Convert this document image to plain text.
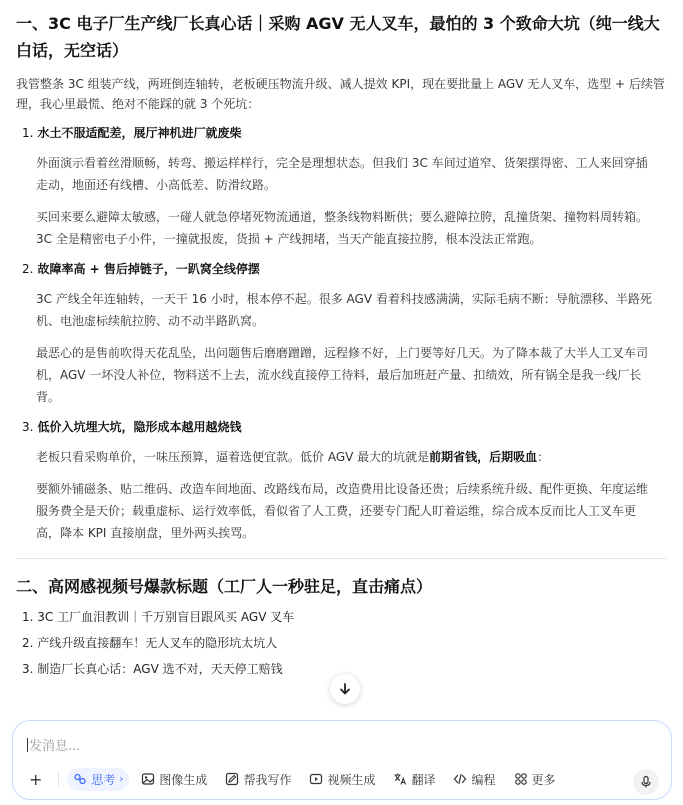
一、3C 电子厂生产线厂长真心话｜采购 AGV 无人叉车，最怕的 3 个致命大坑（纯一线大白话，无空话）

我管整条 3C 组装产线，两班倒连轴转，老板硬压物流升级、减人提效 KPI，现在要批量上 AGV 无人叉车，选型 + 后续管理，我心里最慌、绝对不能踩的就 3 个死坑：

1. 水土不服适配差，展厅神机进厂就废柴
外面演示看着丝滑顺畅，转弯、搬运样样行，完全是理想状态。但我们 3C 车间过道窄、货架摆得密、工人来回穿插走动，地面还有线槽、小高低差、防滑纹路。
买回来要么避障太敏感，一碰人就急停堵死物流通道，整条线物料断供；要么避障拉胯，乱撞货架、撞物料周转箱。3C 全是精密电子小件，一撞就报废，货损 + 产线拥堵，当天产能直接拉胯，根本没法正常跑。
2. 故障率高 + 售后掉链子，一趴窝全线停摆
3C 产线全年连轴转，一天干 16 小时，根本停不起。很多 AGV 看着科技感满满，实际毛病不断：导航漂移、半路死机、电池虚标续航拉胯、动不动半路趴窝。
最恶心的是售前吹得天花乱坠，出问题售后磨磨蹭蹭，远程修不好，上门要等好几天。为了降本裁了大半人工叉车司机，AGV 一坏没人补位，物料送不上去，流水线直接停工待料，最后加班赶产量、扣绩效，所有锅全是我一线厂长背。
3. 低价入坑埋大坑，隐形成本越用越烧钱
老板只看采购单价，一味压预算，逼着选便宜款。低价 AGV 最大的坑就是前期省钱，后期吸血：
要额外铺磁条、贴二维码、改造车间地面、改路线布局，改造费用比设备还贵；后续系统升级、配件更换、年度运维服务费全是天价；载重虚标、运行效率低，看似省了人工费，还要专门配人盯着运维，综合成本反而比人工叉车更高，降本 KPI 直接崩盘，里外两头挨骂。
二、高网感视频号爆款标题（工厂人一秒驻足，直击痛点）
1. 3C 工厂血泪教训｜千万别盲目跟风买 AGV 叉车
2. 产线升级直接翻车！无人叉车的隐形坑太坑人
3. 制造厂长真心话：AGV 选不对，天天停工赔钱
发消息...
+	思考 ›	图像生成	帮我写作	视频生成	翻译	编程	更多
